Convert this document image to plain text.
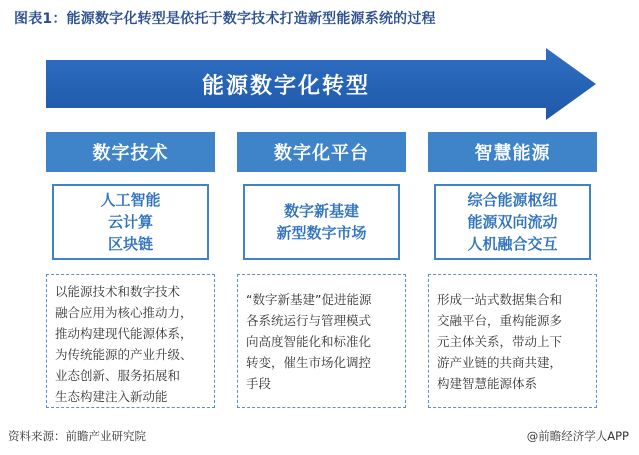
图表1：能源数字化转型是依托于数字技术打造新型能源系统的过程
能源数字化转型
数字技术
人工智能
云计算
区块链
以能源技术和数字技术
融合应用为核心推动力，
推动构建现代能源体系，
为传统能源的产业升级、
业态创新、服务拓展和
生态构建注入新动能
数字化平台
数字新基建
新型数字市场
“数字新基建”促进能源
各系统运行与管理模式
向高度智能化和标准化
转变，催生市场化调控
手段
智慧能源
综合能源枢纽
能源双向流动
人机融合交互
形成一站式数据集合和
交融平台，重构能源多
元主体关系，带动上下
游产业链的共商共建，
构建智慧能源体系
资料来源：前瞻产业研究院	@前瞻经济学人APP
